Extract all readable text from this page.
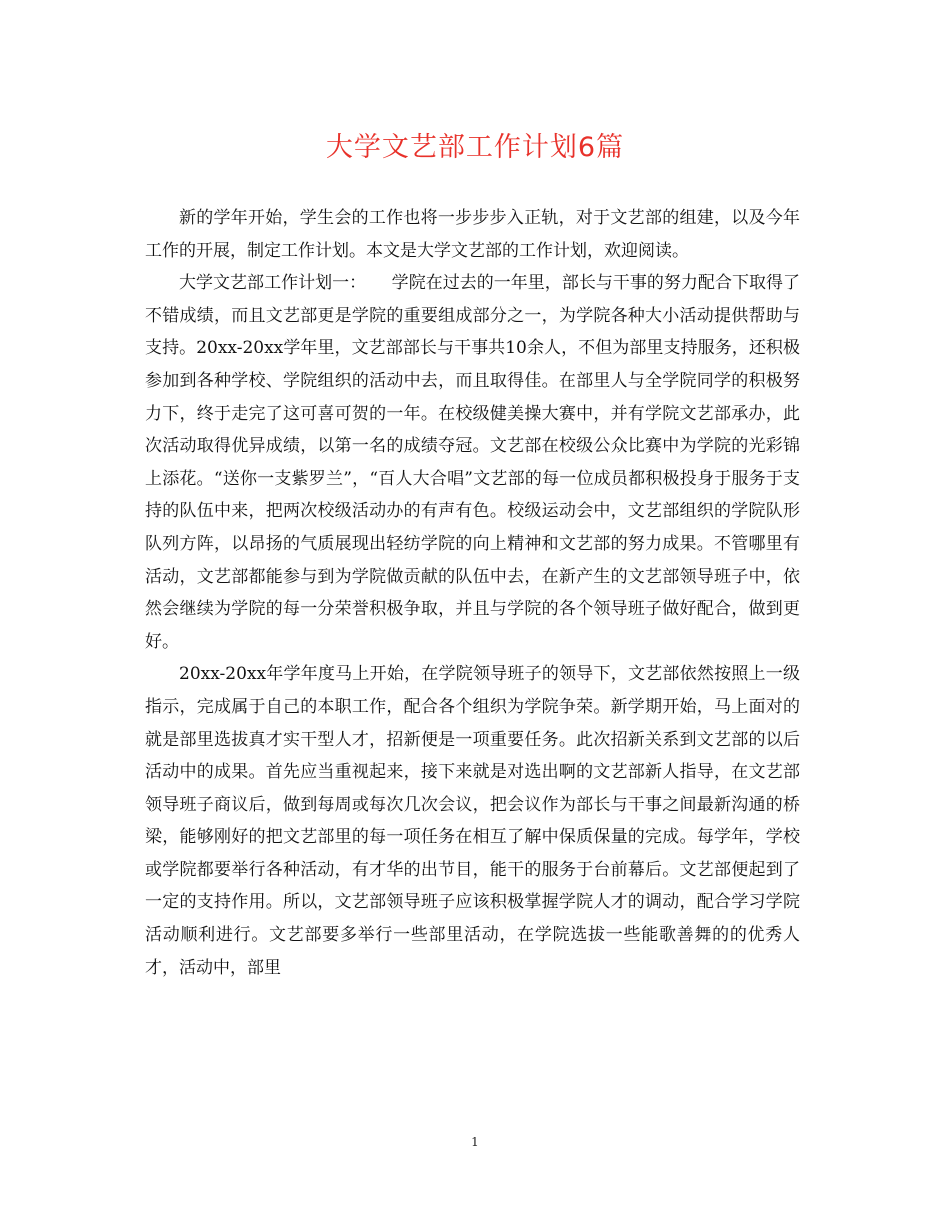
大学文艺部工作计划6篇

新的学年开始，学生会的工作也将一步步步入正轨，对于文艺部的组建，以及今年工作的开展，制定工作计划。本文是大学文艺部的工作计划，欢迎阅读。

大学文艺部工作计划一：　　学院在过去的一年里，部长与干事的努力配合下取得了不错成绩，而且文艺部更是学院的重要组成部分之一，为学院各种大小活动提供帮助与支持。20xx-20xx学年里，文艺部部长与干事共10余人，不但为部里支持服务，还积极参加到各种学校、学院组织的活动中去，而且取得佳。在部里人与全学院同学的积极努力下，终于走完了这可喜可贺的一年。在校级健美操大赛中，并有学院文艺部承办，此次活动取得优异成绩，以第一名的成绩夺冠。文艺部在校级公众比赛中为学院的光彩锦上添花。“送你一支紫罗兰”，“百人大合唱”文艺部的每一位成员都积极投身于服务于支持的队伍中来，把两次校级活动办的有声有色。校级运动会中，文艺部组织的学院队形队列方阵，以昂扬的气质展现出轻纺学院的向上精神和文艺部的努力成果。不管哪里有活动，文艺部都能参与到为学院做贡献的队伍中去，在新产生的文艺部领导班子中，依然会继续为学院的每一分荣誉积极争取，并且与学院的各个领导班子做好配合，做到更好。

20xx-20xx年学年度马上开始，在学院领导班子的领导下，文艺部依然按照上一级指示，完成属于自己的本职工作，配合各个组织为学院争荣。新学期开始，马上面对的就是部里选拔真才实干型人才，招新便是一项重要任务。此次招新关系到文艺部的以后活动中的成果。首先应当重视起来，接下来就是对选出啊的文艺部新人指导，在文艺部领导班子商议后，做到每周或每次几次会议，把会议作为部长与干事之间最新沟通的桥梁，能够刚好的把文艺部里的每一项任务在相互了解中保质保量的完成。每学年，学校或学院都要举行各种活动，有才华的出节目，能干的服务于台前幕后。文艺部便起到了一定的支持作用。所以，文艺部领导班子应该积极掌握学院人才的调动，配合学习学院活动顺利进行。文艺部要多举行一些部里活动，在学院选拔一些能歌善舞的的优秀人才，活动中，部里

1
